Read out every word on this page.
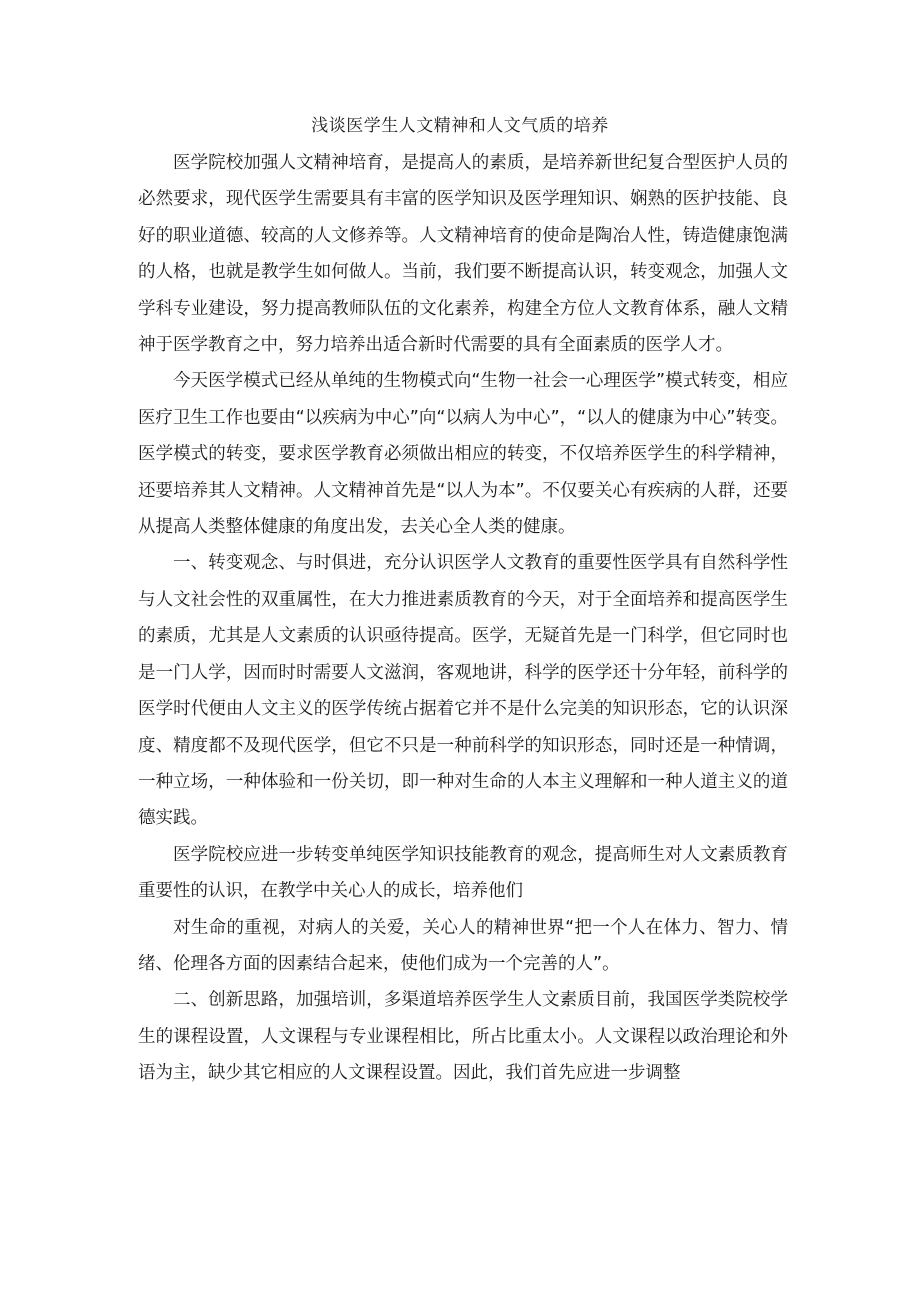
浅谈医学生人文精神和人文气质的培养

医学院校加强人文精神培育，是提高人的素质，是培养新世纪复合型医护人员的必然要求，现代医学生需要具有丰富的医学知识及医学理知识、娴熟的医护技能、良好的职业道德、较高的人文修养等。人文精神培育的使命是陶冶人性，铸造健康饱满的人格，也就是教学生如何做人。当前，我们要不断提高认识，转变观念，加强人文学科专业建设，努力提高教师队伍的文化素养，构建全方位人文教育体系，融人文精神于医学教育之中，努力培养出适合新时代需要的具有全面素质的医学人才。

今天医学模式已经从单纯的生物模式向“生物一社会一心理医学”模式转变，相应医疗卫生工作也要由“以疾病为中心”向“以病人为中心”，“以人的健康为中心”转变。医学模式的转变，要求医学教育必须做出相应的转变，不仅培养医学生的科学精神，还要培养其人文精神。人文精神首先是“以人为本”。不仅要关心有疾病的人群，还要从提高人类整体健康的角度出发，去关心全人类的健康。

一、转变观念、与时俱进，充分认识医学人文教育的重要性医学具有自然科学性与人文社会性的双重属性，在大力推进素质教育的今天，对于全面培养和提高医学生的素质，尤其是人文素质的认识亟待提高。医学，无疑首先是一门科学，但它同时也是一门人学，因而时时需要人文滋润，客观地讲，科学的医学还十分年轻，前科学的医学时代便由人文主义的医学传统占据着它并不是什么完美的知识形态，它的认识深度、精度都不及现代医学，但它不只是一种前科学的知识形态，同时还是一种情调，一种立场，一种体验和一份关切，即一种对生命的人本主义理解和一种人道主义的道德实践。

医学院校应进一步转变单纯医学知识技能教育的观念，提高师生对人文素质教育重要性的认识，在教学中关心人的成长，培养他们

对生命的重视，对病人的关爱，关心人的精神世界“把一个人在体力、智力、情绪、伦理各方面的因素结合起来，使他们成为一个完善的人”。

二、创新思路，加强培训，多渠道培养医学生人文素质目前，我国医学类院校学生的课程设置，人文课程与专业课程相比，所占比重太小。人文课程以政治理论和外语为主，缺少其它相应的人文课程设置。因此，我们首先应进一步调整
